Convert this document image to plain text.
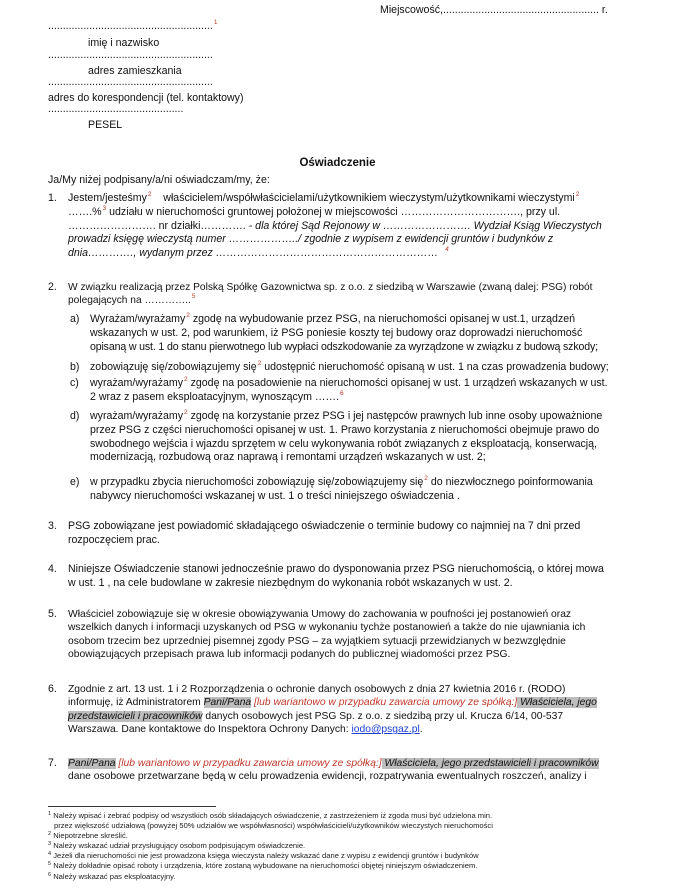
Miejscowość,..................................................... r.
........................................................$^1$
imię i nazwisko
........................................................
adres zamieszkania
........................................................
adres do korespondencji (tel. kontaktowy)
..............................................
PESEL
Oświadczenie
Ja/My niżej podpisany/a/ni oświadczam/my, że:
1. Jestem/jesteśmy$^2$ właścicielem/współwłaścicielami/użytkownikiem wieczystym/użytkownikami wieczystymi$^2$
…….%$^3$ udziału w nieruchomości gruntowej położonej w miejscowości ……………………………., przy ul.
……………………. nr działki…………. - dla której Sąd Rejonowy w ……………………. Wydział Ksiąg Wieczystych
prowadzi księgę wieczystą numer ………………../ zgodnie z wypisem z ewidencji gruntów i budynków z
dnia…………., wydanym przez ……………………………………………………… $^4$
2. W związku realizacją przez Polską Spółkę Gazownictwa sp. z o.o. z siedzibą w Warszawie (zwaną dalej: PSG) robót
polegających na …………..$^5$
a) Wyrażam/wyrażamy$^2$ zgodę na wybudowanie przez PSG, na nieruchomości opisanej w ust.1, urządzeń
wskazanych w ust. 2, pod warunkiem, iż PSG poniesie koszty tej budowy oraz doprowadzi nieruchomość
opisaną w ust. 1 do stanu pierwotnego lub wypłaci odszkodowanie za wyrządzone w związku z budową szkody;
b) zobowiązuję się/zobowiązujemy się$^2$ udostępnić nieruchomość opisaną w ust. 1 na czas prowadzenia budowy;
c) wyrażam/wyrażamy$^2$ zgodę na posadowienie na nieruchomości opisanej w ust. 1 urządzeń wskazanych w ust.
2 wraz z pasem eksploatacyjnym, wynoszącym …….$^6$
d) wyrażam/wyrażamy$^2$ zgodę na korzystanie przez PSG i jej następców prawnych lub inne osoby upoważnione
przez PSG z części nieruchomości opisanej w ust. 1. Prawo korzystania z nieruchomości obejmuje prawo do
swobodnego wejścia i wjazdu sprzętem w celu wykonywania robót związanych z eksploatacją, konserwacją,
modernizacją, rozbudową oraz naprawą i remontami urządzeń wskazanych w ust. 2;
e) w przypadku zbycia nieruchomości zobowiązuję się/zobowiązujemy się$^2$ do niezwłocznego poinformowania
nabywcy nieruchomości wskazanej w ust. 1 o treści niniejszego oświadczenia .
3. PSG zobowiązane jest powiadomić składającego oświadczenie o terminie budowy co najmniej na 7 dni przed
rozpoczęciem prac.
4. Niniejsze Oświadczenie stanowi jednocześnie prawo do dysponowania przez PSG nieruchomością, o której mowa
w ust. 1 , na cele budowlane w zakresie niezbędnym do wykonania robót wskazanych w ust. 2.
5. Właściciel zobowiązuje się w okresie obowiązywania Umowy do zachowania w poufności jej postanowień oraz
wszelkich danych i informacji uzyskanych od PSG w wykonaniu tychże postanowień a także do nie ujawniania ich
osobom trzecim bez uprzedniej pisemnej zgody PSG – za wyjątkiem sytuacji przewidzianych w bezwzględnie
obowiązujących przepisach prawa lub informacji podanych do publicznej wiadomości przez PSG.
6. Zgodnie z art. 13 ust. 1 i 2 Rozporządzenia o ochronie danych osobowych z dnia 27 kwietnia 2016 r. (RODO)
informuję, iż Administratorem Pani/Pana [lub wariantowo w przypadku zawarcia umowy ze spółką:] Właściciela, jego
przedstawicieli i pracowników danych osobowych jest PSG Sp. z o.o. z siedzibą przy ul. Krucza 6/14, 00-537
Warszawa. Dane kontaktowe do Inspektora Ochrony Danych: iodo@psgaz.pl.
7. Pani/Pana [lub wariantowo w przypadku zawarcia umowy ze spółką:] Właściciela, jego przedstawicieli i pracowników
dane osobowe przetwarzane będą w celu prowadzenia ewidencji, rozpatrywania ewentualnych roszczeń, analizy i
$^1$ Należy wpisać i zebrać podpisy od wszystkich osób składających oświadczenie, z zastrzeżeniem iż zgoda musi być udzielona min.
przez większość udziałową (powyżej 50% udziałów we współwłasności) współwłaścicieli/użytkowników wieczystych nieruchomości
$^2$ Niepotrzebne skreślić.
$^3$ Należy wskazać udział przysługujący osobom podpisującym oświadczenie.
$^4$ Jeżeli dla nieruchomości nie jest prowadzona księga wieczysta należy wskazać dane z wypisu z ewidencji gruntów i budynków
$^5$ Należy dokładnie opisać roboty i urządzenia, które zostaną wybudowane na nieruchomości objętej niniejszym oświadczeniem.
$^6$ Należy wskazać pas eksploatacyjny.
